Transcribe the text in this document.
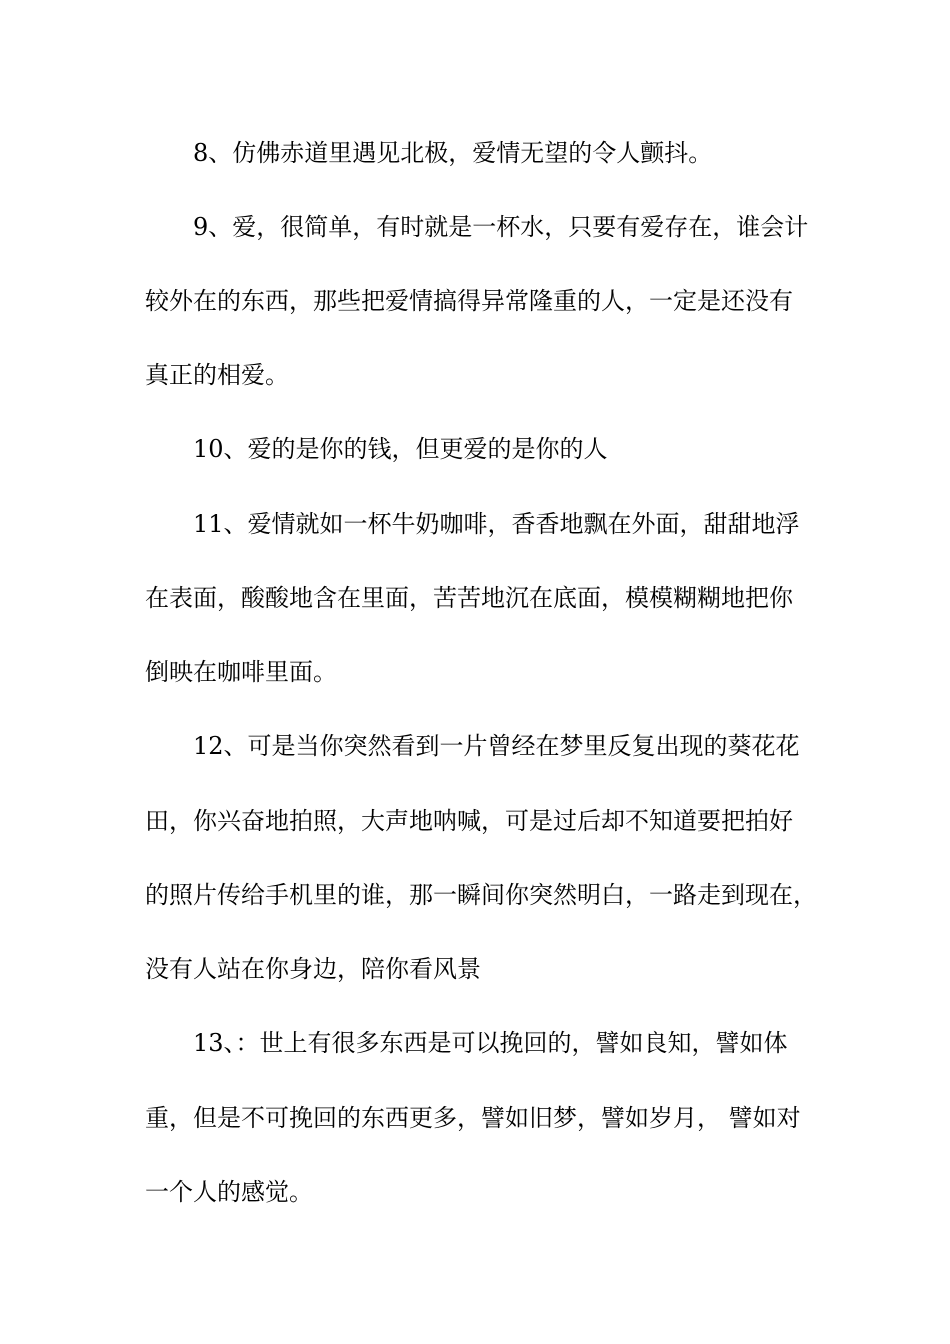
8、仿佛赤道里遇见北极，爱情无望的令人颤抖。
9、爱，很简单，有时就是一杯水，只要有爱存在，谁会计
较外在的东西，那些把爱情搞得异常隆重的人，一定是还没有
真正的相爱。
10、爱的是你的钱，但更爱的是你的人
11、爱情就如一杯牛奶咖啡，香香地飘在外面，甜甜地浮
在表面，酸酸地含在里面，苦苦地沉在底面，模模糊糊地把你
倒映在咖啡里面。
12、可是当你突然看到一片曾经在梦里反复出现的葵花花
田，你兴奋地拍照，大声地呐喊，可是过后却不知道要把拍好
的照片传给手机里的谁，那一瞬间你突然明白，一路走到现在，
没有人站在你身边，陪你看风景
13、：世上有很多东西是可以挽回的，譬如良知，譬如体
重，但是不可挽回的东西更多，譬如旧梦，譬如岁月， 譬如对
一个人的感觉。
